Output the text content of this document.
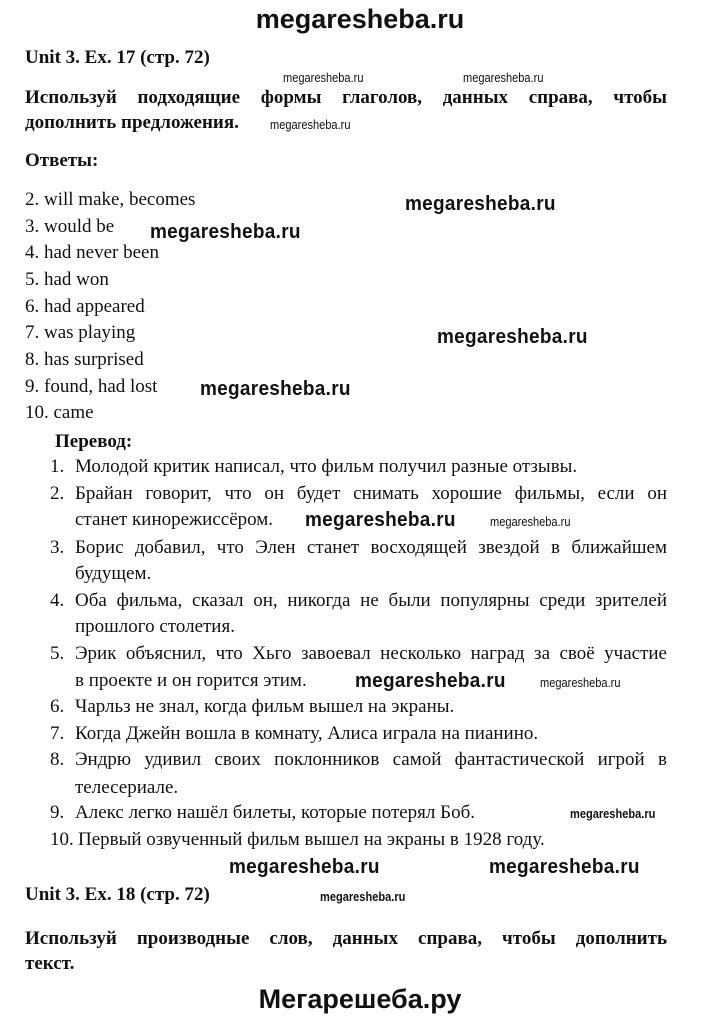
megaresheba.ru
Unit 3. Ex. 17 (стр. 72)
Используй подходящие формы глаголов, данных справа, чтобы
дополнить предложения.
Ответы:
2. will make, becomes
3. would be
4. had never been
5. had won
6. had appeared
7. was playing
8. has surprised
9. found, had lost
10. came
Перевод:
1. Молодой критик написал, что фильм получил разные отзывы.
2. Брайан говорит, что он будет снимать хорошие фильмы, если он
станет кинорежиссёром.
3. Борис добавил, что Элен станет восходящей звездой в ближайшем
будущем.
4. Оба фильма, сказал он, никогда не были популярны среди зрителей
прошлого столетия.
5. Эрик объяснил, что Хьго завоевал несколько наград за своё участие
в проекте и он горится этим.
6. Чарльз не знал, когда фильм вышел на экраны.
7. Когда Джейн вошла в комнату, Алиса играла на пианино.
8. Эндрю удивил своих поклонников самой фантастической игрой в
телесериале.
9. Алекс легко нашёл билеты, которые потерял Боб.
10. Первый озвученный фильм вышел на экраны в 1928 году.
Unit 3. Ex. 18 (стр. 72)
Используй производные слов, данных справа, чтобы дополнить
текст.
megaresheba.ru	megaresheba.ru
megaresheba.ru
megaresheba.ru
megaresheba.ru
megaresheba.ru
megaresheba.ru
megaresheba.ru
megaresheba.ru
megaresheba.ru
megaresheba.ru
megaresheba.ru
megaresheba.ru	megaresheba.ru
megaresheba.ru
Мегарешеба.ру
